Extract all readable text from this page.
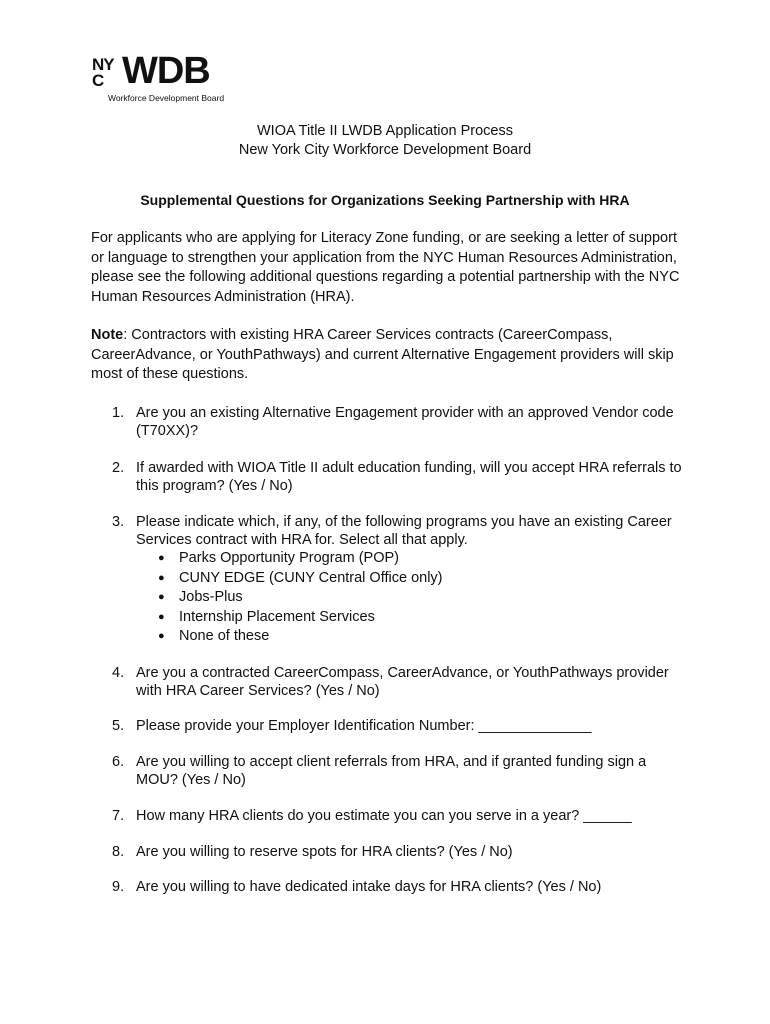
NY
C WDB
Workforce Development Board
WIOA Title II LWDB Application Process
New York City Workforce Development Board
Supplemental Questions for Organizations Seeking Partnership with HRA
For applicants who are applying for Literacy Zone funding, or are seeking a letter of support or language to strengthen your application from the NYC Human Resources Administration, please see the following additional questions regarding a potential partnership with the NYC Human Resources Administration (HRA).
Note: Contractors with existing HRA Career Services contracts (CareerCompass, CareerAdvance, or YouthPathways) and current Alternative Engagement providers will skip most of these questions.
1. Are you an existing Alternative Engagement provider with an approved Vendor code (T70XX)?
2. If awarded with WIOA Title II adult education funding, will you accept HRA referrals to this program? (Yes / No)
3. Please indicate which, if any, of the following programs you have an existing Career Services contract with HRA for. Select all that apply.
● Parks Opportunity Program (POP)
● CUNY EDGE (CUNY Central Office only)
● Jobs-Plus
● Internship Placement Services
● None of these
4. Are you a contracted CareerCompass, CareerAdvance, or YouthPathways provider with HRA Career Services? (Yes / No)
5. Please provide your Employer Identification Number: ______________
6. Are you willing to accept client referrals from HRA, and if granted funding sign a MOU? (Yes / No)
7. How many HRA clients do you estimate you can you serve in a year? ______
8. Are you willing to reserve spots for HRA clients? (Yes / No)
9. Are you willing to have dedicated intake days for HRA clients? (Yes / No)
